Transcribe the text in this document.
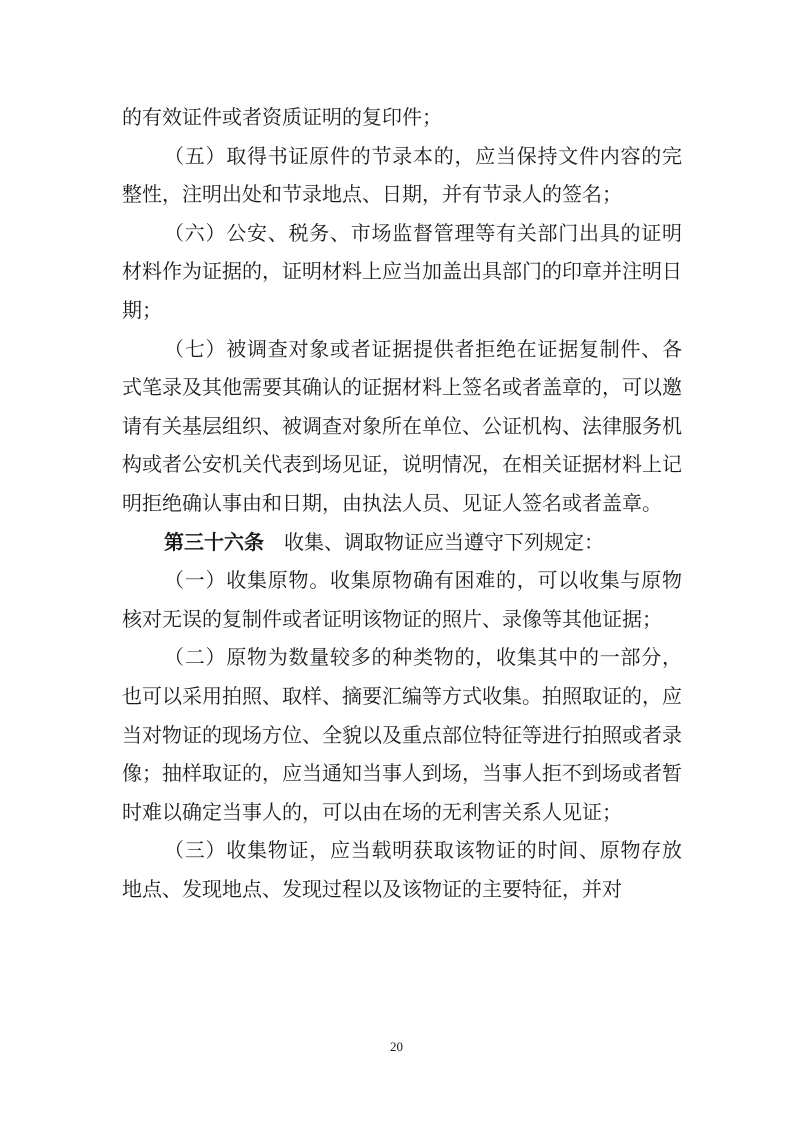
的有效证件或者资质证明的复印件；

（五）取得书证原件的节录本的，应当保持文件内容的完整性，注明出处和节录地点、日期，并有节录人的签名；

（六）公安、税务、市场监督管理等有关部门出具的证明材料作为证据的，证明材料上应当加盖出具部门的印章并注明日期；

（七）被调查对象或者证据提供者拒绝在证据复制件、各式笔录及其他需要其确认的证据材料上签名或者盖章的，可以邀请有关基层组织、被调查对象所在单位、公证机构、法律服务机构或者公安机关代表到场见证，说明情况，在相关证据材料上记明拒绝确认事由和日期，由执法人员、见证人签名或者盖章。

第三十六条 收集、调取物证应当遵守下列规定：

（一）收集原物。收集原物确有困难的，可以收集与原物核对无误的复制件或者证明该物证的照片、录像等其他证据；

（二）原物为数量较多的种类物的，收集其中的一部分，也可以采用拍照、取样、摘要汇编等方式收集。拍照取证的，应当对物证的现场方位、全貌以及重点部位特征等进行拍照或者录像；抽样取证的，应当通知当事人到场，当事人拒不到场或者暂时难以确定当事人的，可以由在场的无利害关系人见证；

（三）收集物证，应当载明获取该物证的时间、原物存放地点、发现地点、发现过程以及该物证的主要特征，并对

20
